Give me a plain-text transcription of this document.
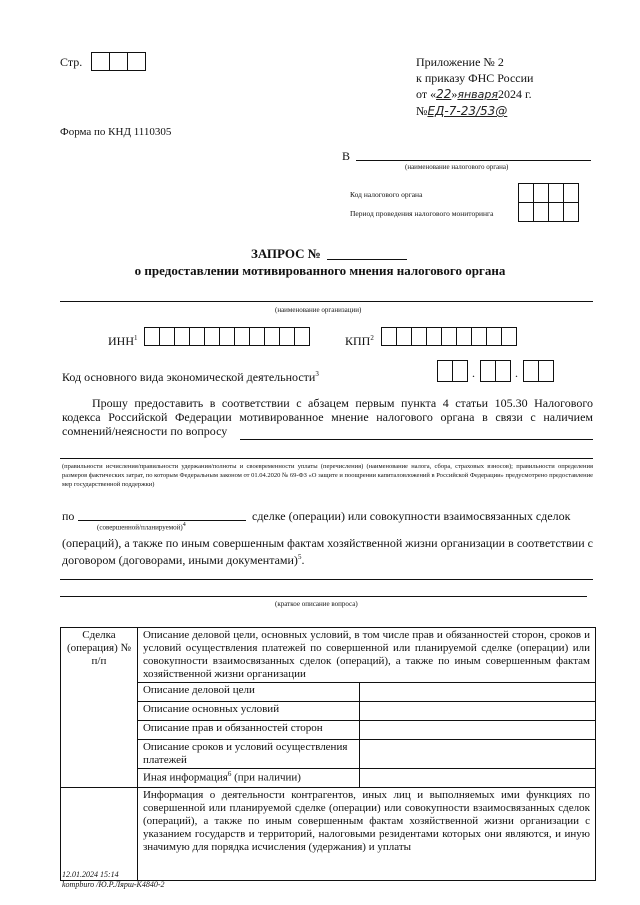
Стр.	Приложение № 2
к приказу ФНС России
от «22»января2024 г.
№ЕД-7-23/53@
Форма по КНД 1110305
В
(наименование налогового органа)
Код налогового органа
Период проведения налогового мониторинга
ЗАПРОС №
о предоставлении мотивированного мнения налогового органа
(наименование организации)
ИНН$^1$	КПП$^2$
Код основного вида экономической деятельности$^3$	.	.
Прошу предоставить в соответствии с абзацем первым пункта 4 статьи 105.30 Налогового кодекса Российской Федерации мотивированное мнение налогового органа в связи с наличием сомнений/неясности по вопросу
(правильности исчисления/правильности удержания/полноты и своевременности уплаты (перечисления) (наименование налога, сбора, страховых взносов); правильности определения размеров фактических затрат, по которым Федеральным законом от 01.04.2020 № 69-ФЗ «О защите и поощрении капиталовложений в Российской Федерации» предусмотрено предоставление мер государственной поддержки)
по
(совершенной/планируемой)$^4$
сделке (операции) или совокупности взаимосвязанных сделок
(операций), а также по иным совершенным фактам хозяйственной жизни организации в соответствии с договором (договорами, иными документами)$^5$.
(краткое описание вопроса)
Сделка (операция) № п/п	Описание деловой цели, основных условий, в том числе прав и обязанностей сторон, сроков и условий осуществления платежей по совершенной или планируемой сделке (операции) или совокупности взаимосвязанных сделок (операций), а также по иным совершенным фактам хозяйственной жизни организации	
	Описание деловой цели	
	Описание основных условий	
	Описание прав и обязанностей сторон	
	Описание сроков и условий осуществления платежей	
	Иная информация$^6$ (при наличии)	
	Информация о деятельности контрагентов, иных лиц и выполняемых ими функциях по совершенной или планируемой сделке (операции) или совокупности взаимосвязанных сделок (операций), а также по иным совершенным фактам хозяйственной жизни организации с указанием государств и территорий, налоговыми резидентами которых они являются, и иную значимую для порядка исчисления (удержания) и уплаты	
12.01.2024 15:14
kompburo /Ю.Р.Лярш-К4840-2
